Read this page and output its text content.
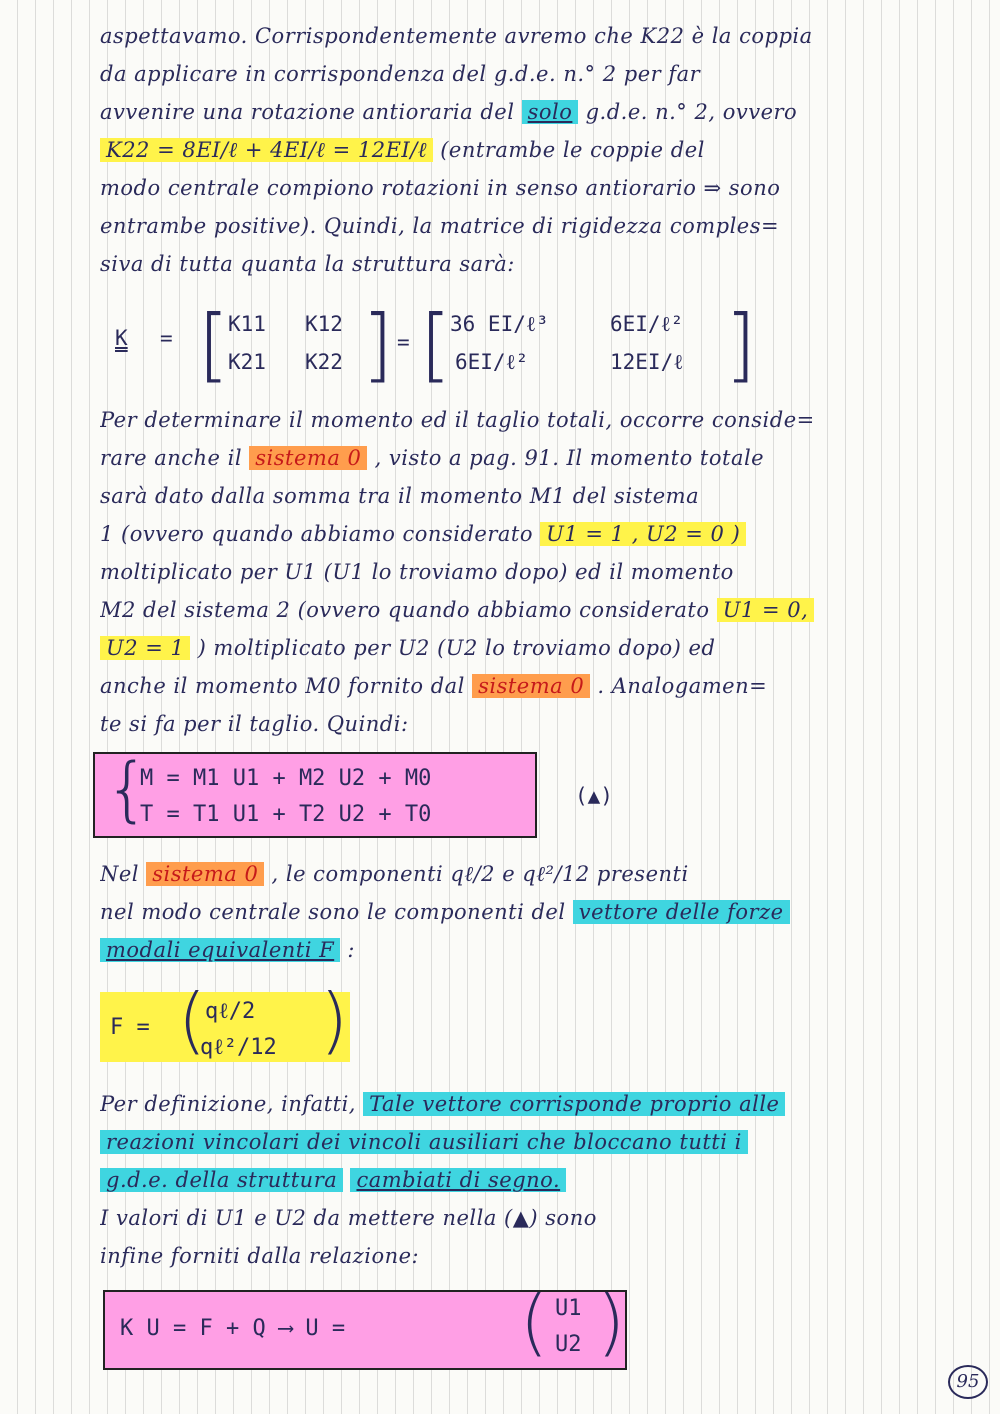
aspettavamo. Corrispondentemente avremo che K22 è la coppia
da applicare in corrispondenza del g.d.e. n.° 2 per far
avvenire una rotazione antioraria del solo g.d.e. n.° 2, ovvero
K22 = 8EI/ℓ + 4EI/ℓ = 12EI/ℓ (entrambe le coppie del
modo centrale compiono rotazioni in senso antiorario ⇒ sono
entrambe positive). Quindi, la matrice di rigidezza comples=
siva di tutta quanta la struttura sarà:
K = [
K11 K12
K21 K22 ] = [
36 EI/ℓ³	6EI/ℓ²
6EI/ℓ²	12EI/ℓ ]
Per determinare il momento ed il taglio totali, occorre conside=
rare anche il sistema 0 , visto a pag. 91. Il momento totale
sarà dato dalla somma tra il momento M1 del sistema
1 (ovvero quando abbiamo considerato U1 = 1 , U2 = 0 )
moltiplicato per U1 (U1 lo troviamo dopo) ed il momento
M2 del sistema 2 (ovvero quando abbiamo considerato U1 = 0,
U2 = 1 ) moltiplicato per U2 (U2 lo troviamo dopo) ed
anche il momento M0 fornito dal sistema 0 . Analogamen=
te si fa per il taglio. Quindi:
{
M = M1 U1 + M2 U2 + M0
T = T1 U1 + T2 U2 + T0
(▲)
Nel sistema 0 , le componenti qℓ/2 e qℓ²/12 presenti
nel modo centrale sono le componenti del vettore delle forze
modali equivalenti F :
F = (
qℓ/2
qℓ²/12 )
Per definizione, infatti, Tale vettore corrisponde proprio alle
reazioni vincolari dei vincoli ausiliari che bloccano tutti i
g.d.e. della struttura cambiati di segno.
I valori di U1 e U2 da mettere nella (▲) sono
infine forniti dalla relazione:
K U = F + Q ⟶ U = ( U1
U2 )
95
